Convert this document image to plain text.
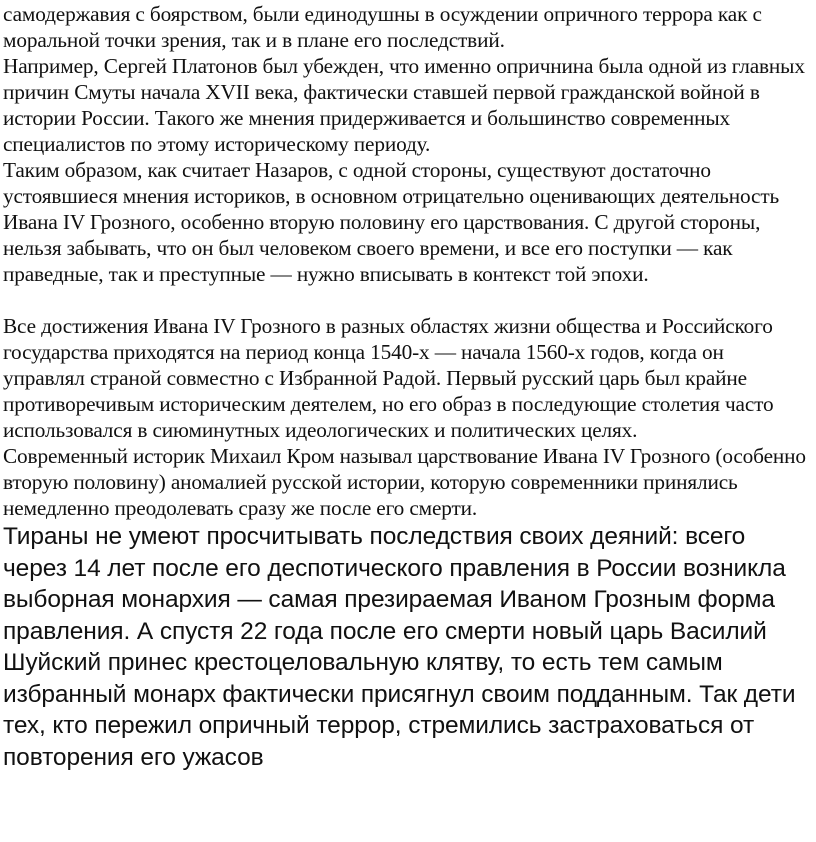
самодержавия с боярством, были единодушны в осуждении опричного террора как с моральной точки зрения, так и в плане его последствий.

Например, Сергей Платонов был убежден, что именно опричнина была одной из главных причин Смуты начала XVII века, фактически ставшей первой гражданской войной в истории России. Такого же мнения придерживается и большинство современных специалистов по этому историческому периоду.

Таким образом, как считает Назаров, с одной стороны, существуют достаточно устоявшиеся мнения историков, в основном отрицательно оценивающих деятельность Ивана IV Грозного, особенно вторую половину его царствования. С другой стороны, нельзя забывать, что он был человеком своего времени, и все его поступки — как праведные, так и преступные — нужно вписывать в контекст той эпохи.

Все достижения Ивана IV Грозного в разных областях жизни общества и Российского государства приходятся на период конца 1540-х — начала 1560-х годов, когда он управлял страной совместно с Избранной Радой. Первый русский царь был крайне противоречивым историческим деятелем, но его образ в последующие столетия часто использовался в сиюминутных идеологических и политических целях.

Современный историк Михаил Кром называл царствование Ивана IV Грозного (особенно вторую половину) аномалией русской истории, которую современники принялись немедленно преодолевать сразу же после его смерти.

Тираны не умеют просчитывать последствия своих деяний: всего через 14 лет после его деспотического правления в России возникла выборная монархия — самая презираемая Иваном Грозным форма правления. А спустя 22 года после его смерти новый царь Василий Шуйский принес крестоцеловальную клятву, то есть тем самым избранный монарх фактически присягнул своим подданным. Так дети тех, кто пережил опричный террор, стремились застраховаться от повторения его ужасов
